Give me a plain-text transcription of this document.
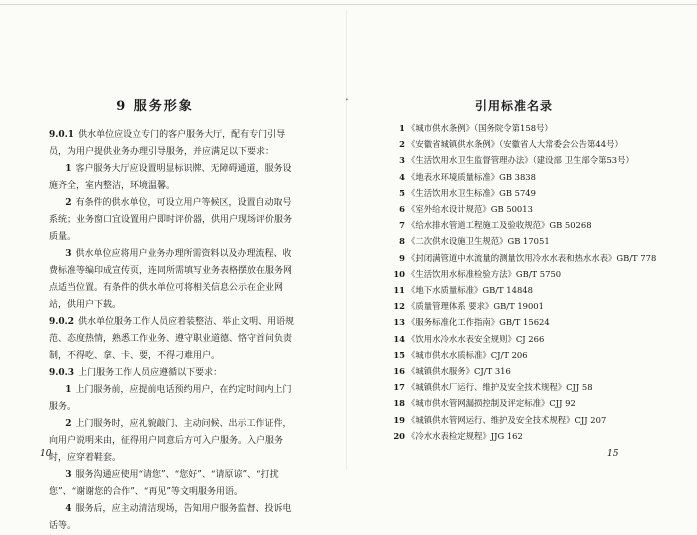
9 服务形象

9.0.1 供水单位应设立专门的客户服务大厅，配有专门引导员，为用户提供业务办理引导服务，并应满足以下要求：

1 客户服务大厅应设置明显标识牌、无障碍通道，服务设施齐全，室内整洁，环境温馨。

2 有条件的供水单位，可设立用户等候区，设置自动取号系统；业务窗口宜设置用户即时评价器，供用户现场评价服务质量。

3 供水单位应将用户业务办理所需资料以及办理流程、收费标准等编印成宣传页，连同所需填写业务表格摆放在服务网点适当位置。有条件的供水单位可将相关信息公示在企业网站，供用户下载。

9.0.2 供水单位服务工作人员应着装整洁、举止文明、用语规范、态度热情，熟悉工作业务、遵守职业道德、恪守首问负责制，不得吃、拿、卡、要，不得刁难用户。

9.0.3 上门服务工作人员应遵循以下要求：

1 上门服务前，应提前电话预约用户，在约定时间内上门服务。

2 上门服务时，应礼貌敲门、主动问候、出示工作证件，向用户说明来由，征得用户同意后方可入户服务。入户服务时，应穿着鞋套。

3 服务沟通应使用“请您”、“您好”、“请原谅”、“打扰您”、“谢谢您的合作”、“再见”等文明服务用语。

4 服务后，应主动清洁现场，告知用户服务监督、投诉电话等。

10
•	引用标准名录
1 《城市供水条例》（国务院令第158号）
2 《安徽省城镇供水条例》（安徽省人大常委会公告第44号）
3 《生活饮用水卫生监督管理办法》（建设部 卫生部令第53号）
4 《地表水环境质量标准》GB 3838
5 《生活饮用水卫生标准》GB 5749
6 《室外给水设计规范》GB 50013
7 《给水排水管道工程施工及验收规范》GB 50268
8 《二次供水设施卫生规范》GB 17051
9 《封闭满管道中水流量的测量饮用冷水水表和热水水表》GB/T 778
10 《生活饮用水标准检验方法》GB/T 5750
11 《地下水质量标准》GB/T 14848
12 《质量管理体系 要求》GB/T 19001
13 《服务标准化工作指南》GB/T 15624
14 《饮用水冷水水表安全规则》CJ 266
15 《城市供水水质标准》CJ/T 206
16 《城镇供水服务》CJ/T 316
17 《城镇供水厂运行、维护及安全技术规程》CJJ 58
18 《城市供水管网漏损控制及评定标准》CJJ 92
19 《城镇供水管网运行、维护及安全技术规程》CJJ 207
20 《冷水水表检定规程》JJG 162
15
